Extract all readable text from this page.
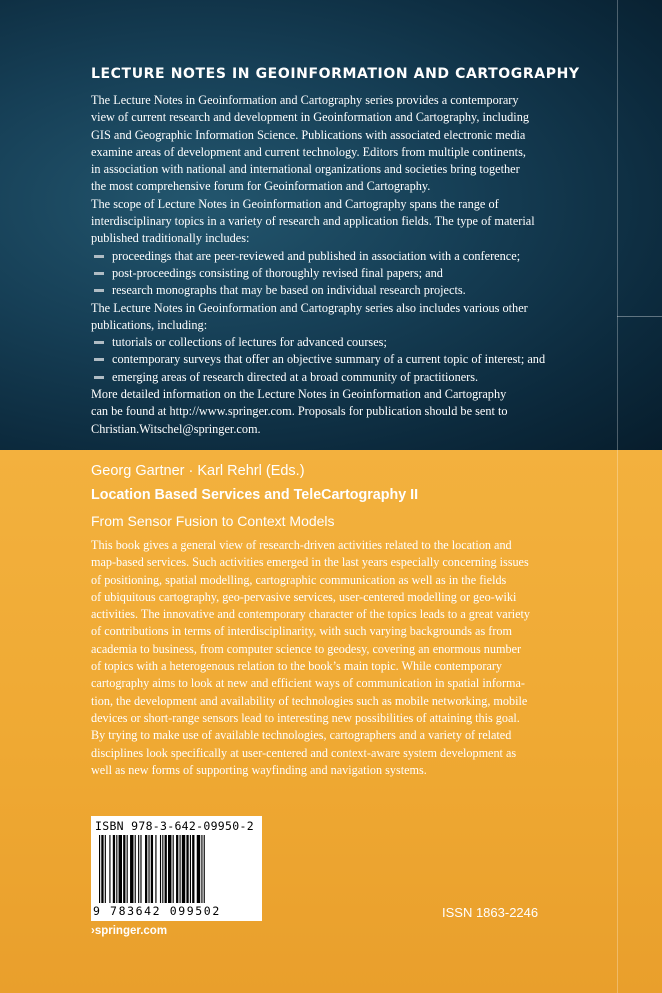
LECTURE NOTES IN GEOINFORMATION AND CARTOGRAPHY

The Lecture Notes in Geoinformation and Cartography series provides a contemporary

view of current research and development in Geoinformation and Cartography, including

GIS and Geographic Information Science. Publications with associated electronic media

examine areas of development and current technology. Editors from multiple continents,

in association with national and international organizations and societies bring together

the most comprehensive forum for Geoinformation and Cartography.

The scope of Lecture Notes in Geoinformation and Cartography spans the range of

interdisciplinary topics in a variety of research and application fields. The type of material

published traditionally includes:

proceedings that are peer-reviewed and published in association with a conference;
post-proceedings consisting of thoroughly revised final papers; and
research monographs that may be based on individual research projects.

The Lecture Notes in Geoinformation and Cartography series also includes various other

publications, including:

tutorials or collections of lectures for advanced courses;
contemporary surveys that offer an objective summary of a current topic of interest; and
emerging areas of research directed at a broad community of practitioners.

More detailed information on the Lecture Notes in Geoinformation and Cartography

can be found at http://www.springer.com. Proposals for publication should be sent to

Christian.Witschel@springer.com.

Georg Gartner · Karl Rehrl (Eds.)
Location Based Services and TeleCartography II
From Sensor Fusion to Context Models

This book gives a general view of research-driven activities related to the location and

map-based services. Such activities emerged in the last years especially concerning issues

of positioning, spatial modelling, cartographic communication as well as in the fields

of ubiquitous cartography, geo-pervasive services, user-centered modelling or geo-wiki

activities. The innovative and contemporary character of the topics leads to a great variety

of contributions in terms of interdisciplinarity, with such varying backgrounds as from

academia to business, from computer science to geodesy, covering an enormous number

of topics with a heterogenous relation to the book’s main topic. While contemporary

cartography aims to look at new and efficient ways of communication in spatial informa-

tion, the development and availability of technologies such as mobile networking, mobile

devices or short-range sensors lead to interesting new possibilities of attaining this goal.

By trying to make use of available technologies, cartographers and a variety of related

disciplines look specifically at user-centered and context-aware system development as

well as new forms of supporting wayfinding and navigation systems.

ISBN 978-3-642-09950-2
9 783642 099502	ISSN 1863-2246
›springer.com
